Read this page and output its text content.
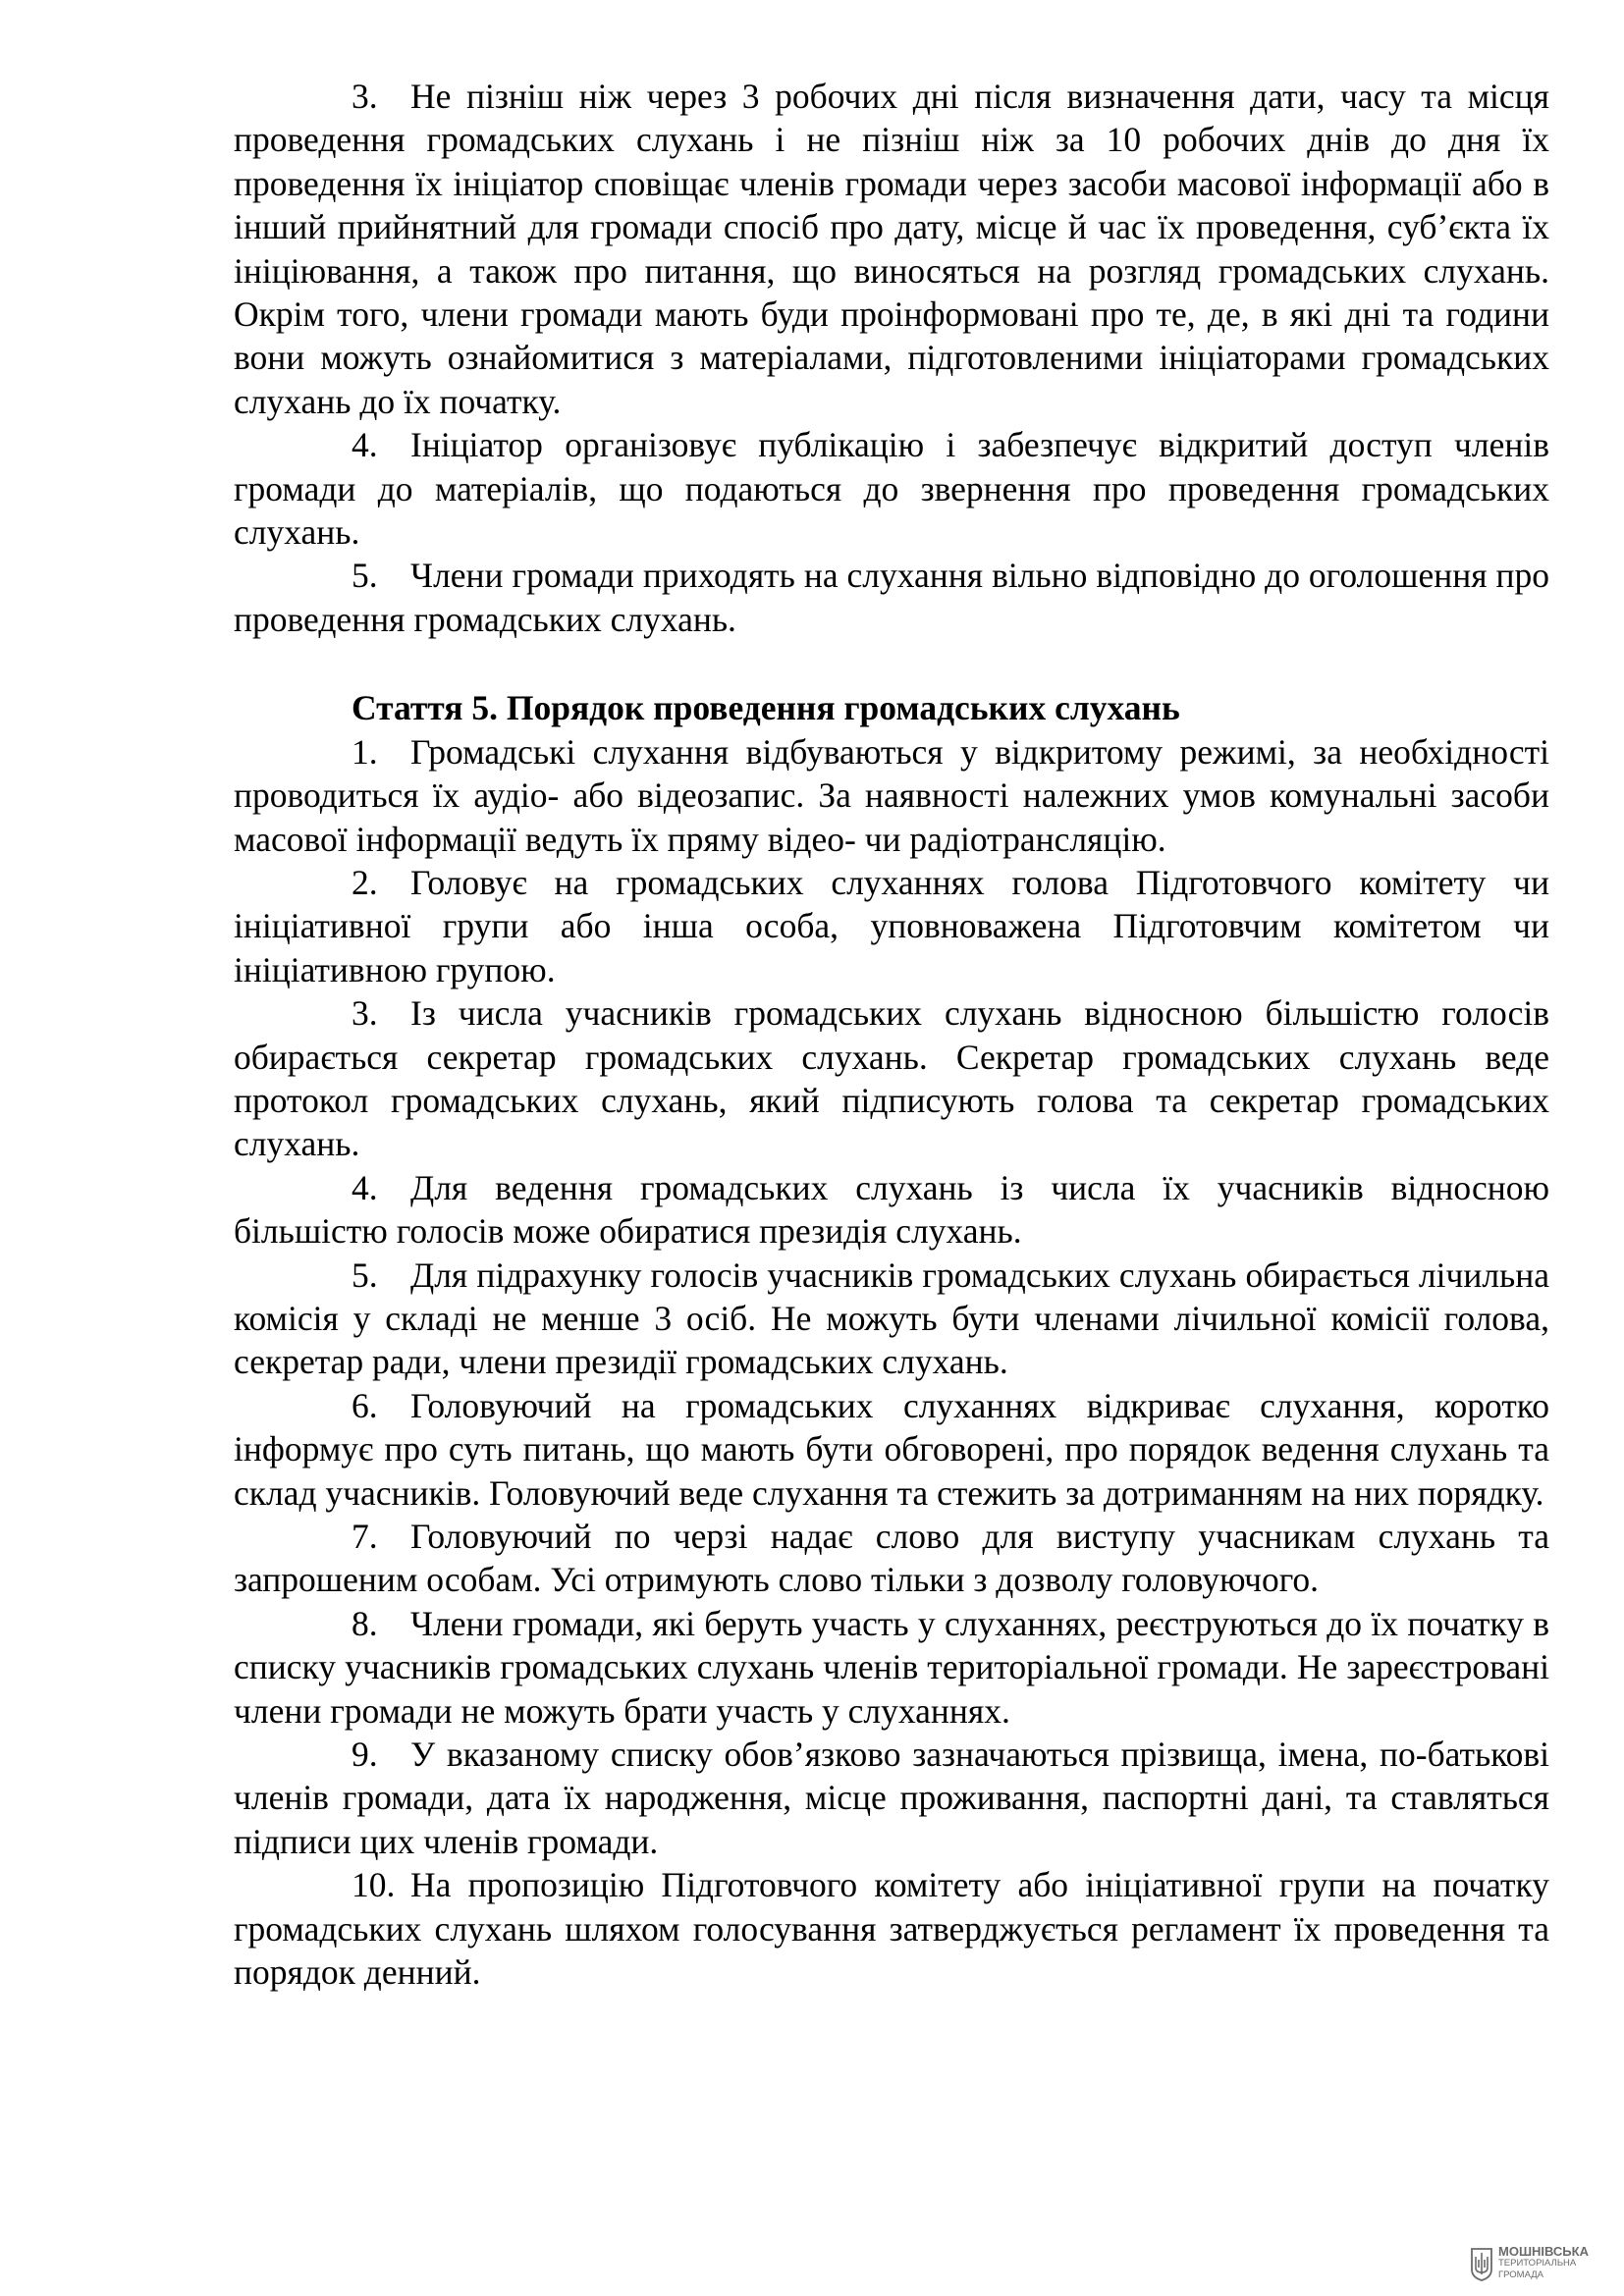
3. Не пізніш ніж через 3 робочих дні після визначення дати, часу та місця проведення громадських слухань і не пізніш ніж за 10 робочих днів до дня їх проведення їх ініціатор сповіщає членів громади через засоби масової інформації або в інший прийнятний для громади спосіб про дату, місце й час їх проведення, суб’єкта їх ініціювання, а також про питання, що виносяться на розгляд громадських слухань. Окрім того, члени громади мають буди проінформовані про те, де, в які дні та години вони можуть ознайомитися з матеріалами, підготовленими ініціаторами громадських слухань до їх початку.

4. Ініціатор організовує публікацію і забезпечує відкритий доступ членів громади до матеріалів, що подаються до звернення про проведення громадських слухань.

5. Члени громади приходять на слухання вільно відповідно до оголошення про проведення громадських слухань.

Стаття 5. Порядок проведення громадських слухань

1. Громадські слухання відбуваються у відкритому режимі, за необхідності проводиться їх аудіо- або відеозапис. За наявності належних умов комунальні засоби масової інформації ведуть їх пряму відео- чи радіотрансляцію.

2. Головує на громадських слуханнях голова Підготовчого комітету чи ініціативної групи або інша особа, уповноважена Підготовчим комітетом чи ініціативною групою.

3. Із числа учасників громадських слухань відносною більшістю голосів обирається секретар громадських слухань. Секретар громадських слухань веде протокол громадських слухань, який підписують голова та секретар громадських слухань.

4. Для ведення громадських слухань із числа їх учасників відносною більшістю голосів може обиратися президія слухань.

5. Для підрахунку голосів учасників громадських слухань обирається лічильна комісія у складі не менше 3 осіб. Не можуть бути членами лічильної комісії голова, секретар ради, члени президії громадських слухань.

6. Головуючий на громадських слуханнях відкриває слухання, коротко інформує про суть питань, що мають бути обговорені, про порядок ведення слухань та склад учасників. Головуючий веде слухання та стежить за дотриманням на них порядку.

7. Головуючий по черзі надає слово для виступу учасникам слухань та запрошеним особам. Усі отримують слово тільки з дозволу головуючого.

8. Члени громади, які беруть участь у слуханнях, реєструються до їх початку в списку учасників громадських слухань членів територіальної громади. Не зареєстровані члени громади не можуть брати участь у слуханнях.

9. У вказаному списку обов’язково зазначаються прізвища, імена, по-батькові членів громади, дата їх народження, місце проживання, паспортні дані, та ставляться підписи цих членів громади.

10. На пропозицію Підготовчого комітету або ініціативної групи на початку громадських слухань шляхом голосування затверджується регламент їх проведення та порядок денний.

МОШНІВСЬКА
ТЕРИТОРІАЛЬНА
ГРОМАДА
